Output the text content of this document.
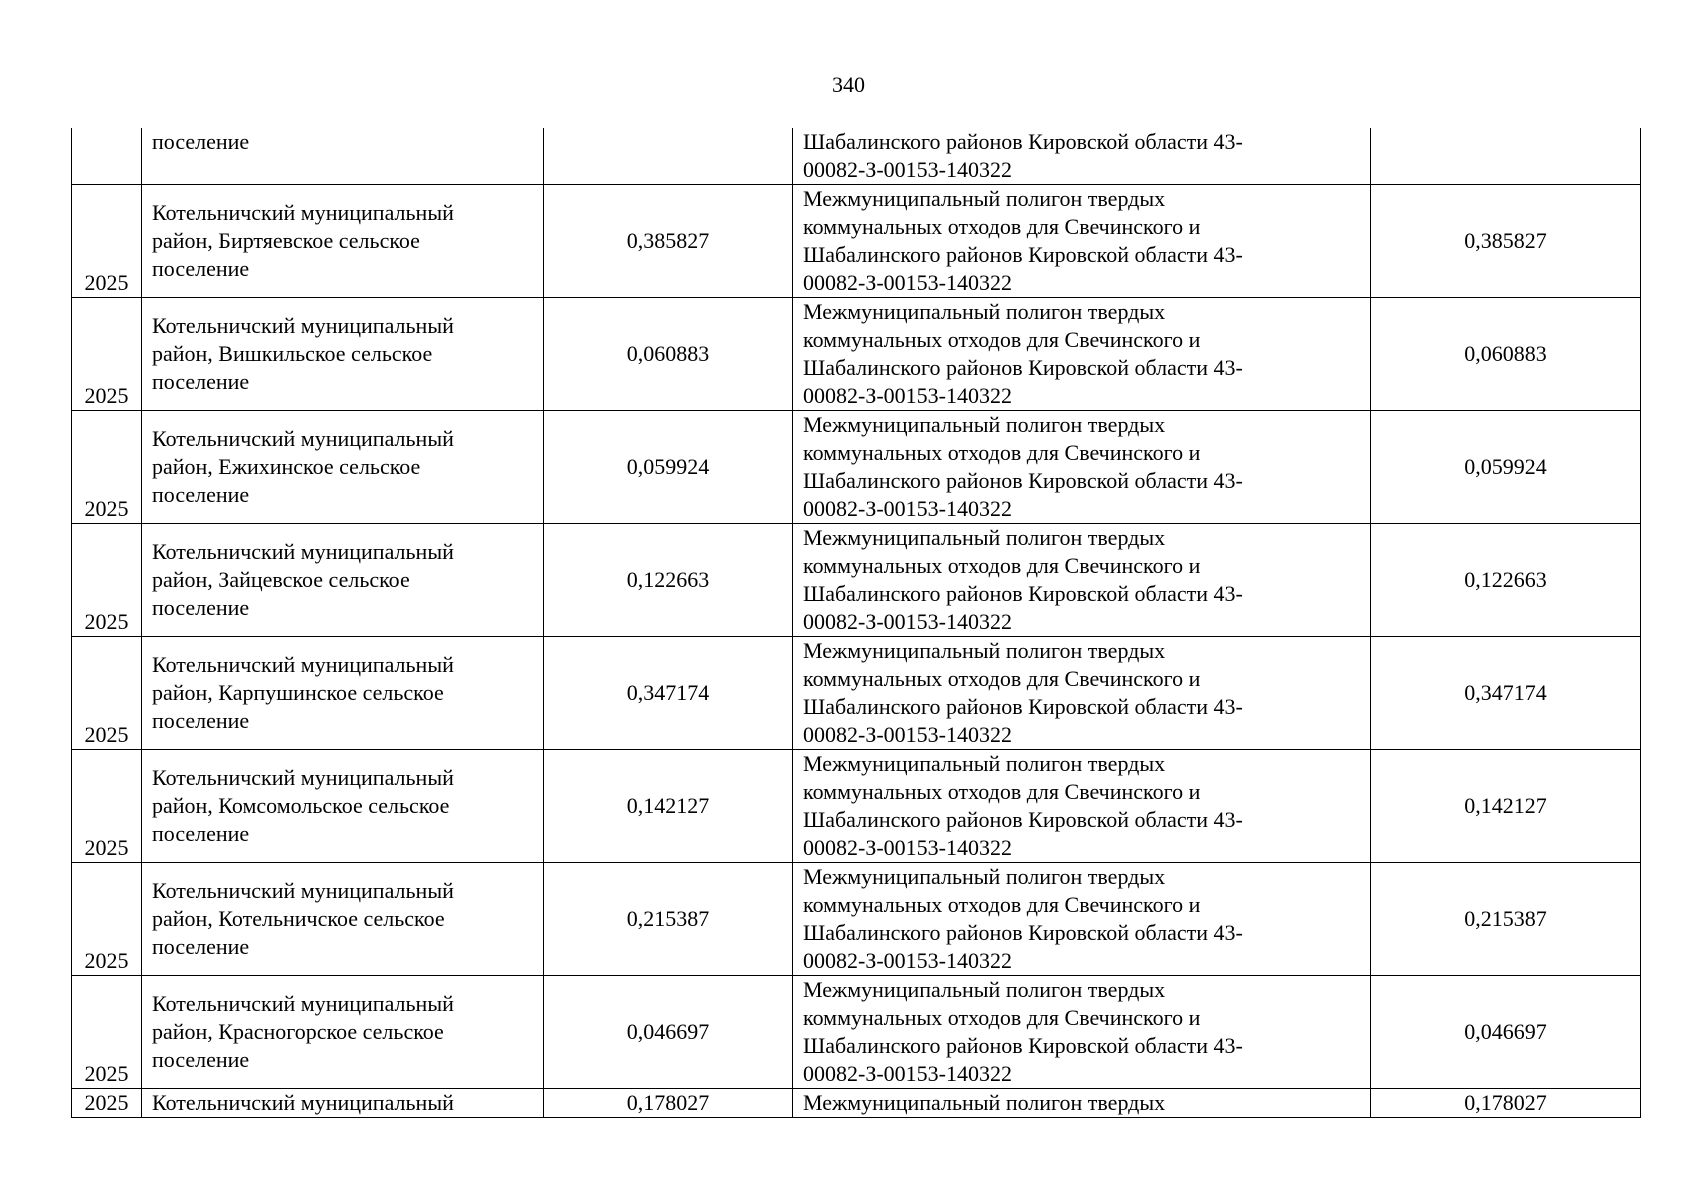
340
	поселение		Шабалинского районов Кировской области 43-
00082-З-00153-140322	
2025	Котельничский муниципальный
район, Биртяевское сельское
поселение	0,385827	Межмуниципальный полигон твердых
коммунальных отходов для Свечинского и
Шабалинского районов Кировской области 43-
00082-З-00153-140322	0,385827
2025	Котельничский муниципальный
район, Вишкильское сельское
поселение	0,060883	Межмуниципальный полигон твердых
коммунальных отходов для Свечинского и
Шабалинского районов Кировской области 43-
00082-З-00153-140322	0,060883
2025	Котельничский муниципальный
район, Ежихинское сельское
поселение	0,059924	Межмуниципальный полигон твердых
коммунальных отходов для Свечинского и
Шабалинского районов Кировской области 43-
00082-З-00153-140322	0,059924
2025	Котельничский муниципальный
район, Зайцевское сельское
поселение	0,122663	Межмуниципальный полигон твердых
коммунальных отходов для Свечинского и
Шабалинского районов Кировской области 43-
00082-З-00153-140322	0,122663
2025	Котельничский муниципальный
район, Карпушинское сельское
поселение	0,347174	Межмуниципальный полигон твердых
коммунальных отходов для Свечинского и
Шабалинского районов Кировской области 43-
00082-З-00153-140322	0,347174
2025	Котельничский муниципальный
район, Комсомольское сельское
поселение	0,142127	Межмуниципальный полигон твердых
коммунальных отходов для Свечинского и
Шабалинского районов Кировской области 43-
00082-З-00153-140322	0,142127
2025	Котельничский муниципальный
район, Котельничское сельское
поселение	0,215387	Межмуниципальный полигон твердых
коммунальных отходов для Свечинского и
Шабалинского районов Кировской области 43-
00082-З-00153-140322	0,215387
2025	Котельничский муниципальный
район, Красногорское сельское
поселение	0,046697	Межмуниципальный полигон твердых
коммунальных отходов для Свечинского и
Шабалинского районов Кировской области 43-
00082-З-00153-140322	0,046697
2025	Котельничский муниципальный	0,178027	Межмуниципальный полигон твердых	0,178027
